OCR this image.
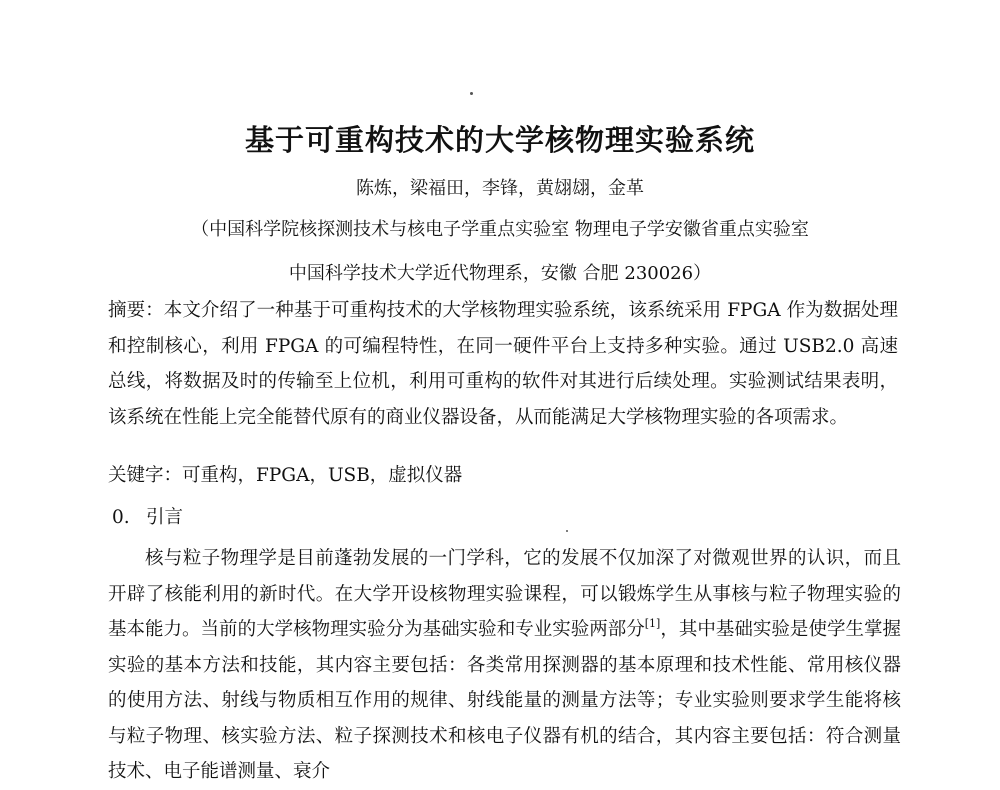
基于可重构技术的大学核物理实验系统
陈炼，梁福田，李锋，黄翃翃，金革
（中国科学院核探测技术与核电子学重点实验室 物理电子学安徽省重点实验室
中国科学技术大学近代物理系，安徽 合肥 230026）
摘要：本文介绍了一种基于可重构技术的大学核物理实验系统，该系统采用 FPGA 作为数据处理和控制核心，利用 FPGA 的可编程特性，在同一硬件平台上支持多种实验。通过 USB2.0 高速总线，将数据及时的传输至上位机，利用可重构的软件对其进行后续处理。实验测试结果表明，该系统在性能上完全能替代原有的商业仪器设备，从而能满足大学核物理实验的各项需求。
关键字：可重构，FPGA，USB，虚拟仪器
0. 引言
核与粒子物理学是目前蓬勃发展的一门学科，它的发展不仅加深了对微观世界的认识，而且开辟了核能利用的新时代。在大学开设核物理实验课程，可以锻炼学生从事核与粒子物理实验的基本能力。当前的大学核物理实验分为基础实验和专业实验两部分[1]，其中基础实验是使学生掌握实验的基本方法和技能，其内容主要包括：各类常用探测器的基本原理和技术性能、常用核仪器的使用方法、射线与物质相互作用的规律、射线能量的测量方法等；专业实验则要求学生能将核与粒子物理、核实验方法、粒子探测技术和核电子仪器有机的结合，其内容主要包括：符合测量技术、电子能谱测量、衰介
